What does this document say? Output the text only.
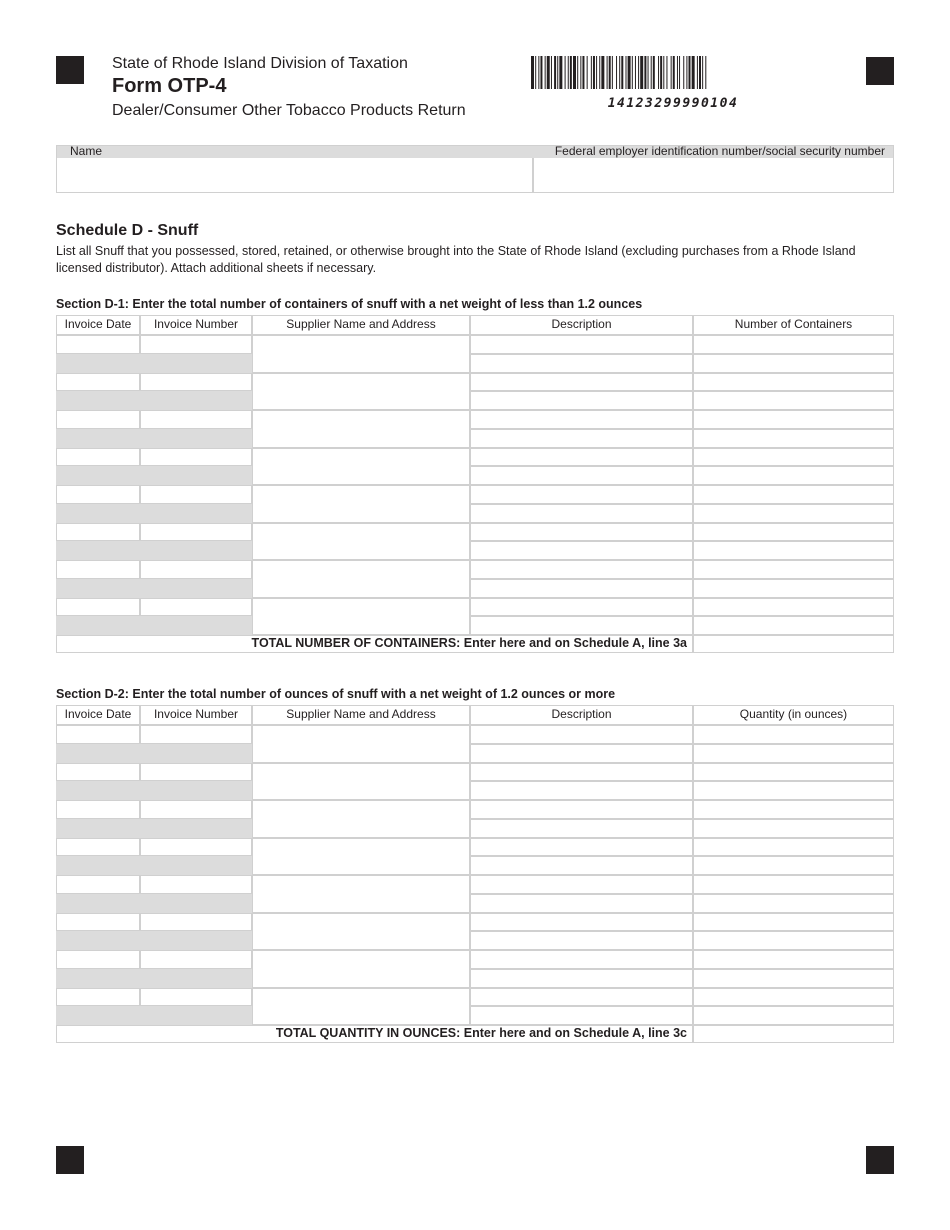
State of Rhode Island Division of Taxation
Form OTP-4
Dealer/Consumer Other Tobacco Products Return	14123299990104
Name	Federal employer identification number/social security number
Schedule D - Snuff
List all Snuff that you possessed, stored, retained, or otherwise brought into the State of Rhode Island (excluding purchases from a Rhode Island licensed distributor). Attach additional sheets if necessary.
Section D-1: Enter the total number of containers of snuff with a net weight of less than 1.2 ounces
Invoice Date	Invoice Number	Supplier Name and Address	Description	Number of Containers
TOTAL NUMBER OF CONTAINERS: Enter here and on Schedule A, line 3a
Section D-2: Enter the total number of ounces of snuff with a net weight of 1.2 ounces or more
Invoice Date	Invoice Number	Supplier Name and Address	Description	Quantity (in ounces)
TOTAL QUANTITY IN OUNCES: Enter here and on Schedule A, line 3c
